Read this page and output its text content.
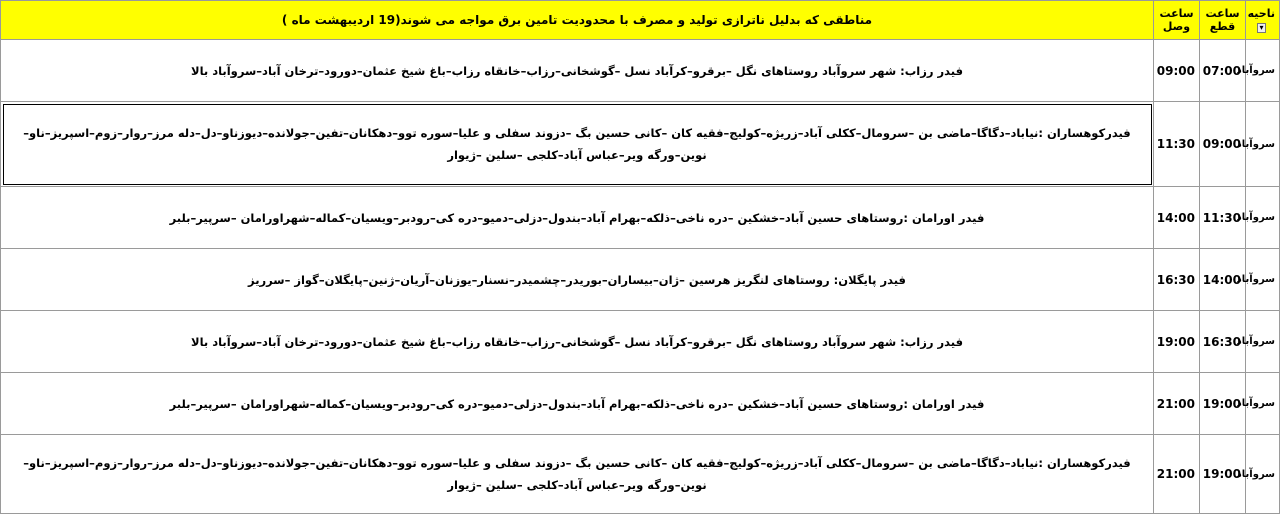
ناحیه ▾	ساعت قطع	ساعت وصل	مناطقی که بدلیل ناترازی تولید و مصرف با محدودیت تامین برق مواجه می شوند(19 اردیبهشت ماه )
سروآباد	07:00	09:00	فیدر رزاب: شهر سروآباد روستاهای نگل –برقرو–کرآباد نسل –گوشخانی–رزاب–خانقاه رزاب–باغ شیخ عثمان–دورود–ترخان آباد–سروآباد بالا
سروآباد	09:00	11:30	فیدرکوهساران :نیاباد–دگاگا–ماضی بن –سرومال–ککلی آباد–زریژه–کولیج–فقیه کان –کانی حسین بگ –دزوند سفلی و علیا–سوره توو–دهکانان–تفین–جولانده–دیوزناو–دل–دله مرز–روار–زوم–اسپریز–ناو–نوین–ورگه ویر–عباس آباد–کلجی –سلین –ژیوار
سروآباد	11:30	14:00	فیدر اورامان :روستاهای حسین آباد–خشکین –دره ناخی–ذلکه–بهرام آباد–بندول–دزلی–دمیو–دره کی–رودبر–ویسیان–کماله–شهراورامان –سرپیر–بلبر
سروآباد	14:00	16:30	فیدر پایگلان: روستاهای لنگریز هرسین –ژان–بیساران–بوریدر–چشمیدر–نسنار–یوزنان–آریان–ژنین–پایگلان–گواز –سرریز
سروآباد	16:30	19:00	فیدر رزاب: شهر سروآباد روستاهای نگل –برقرو–کرآباد نسل –گوشخانی–رزاب–خانقاه رزاب–باغ شیخ عثمان–دورود–ترخان آباد–سروآباد بالا
سروآباد	19:00	21:00	فیدر اورامان :روستاهای حسین آباد–خشکین –دره ناخی–ذلکه–بهرام آباد–بندول–دزلی–دمیو–دره کی–رودبر–ویسیان–کماله–شهراورامان –سرپیر–بلبر
سروآباد	19:00	21:00	فیدرکوهساران :نیاباد–دگاگا–ماضی بن –سرومال–ککلی آباد–زریژه–کولیج–فقیه کان –کانی حسین بگ –دزوند سفلی و علیا–سوره توو–دهکانان–تفین–جولانده–دیوزناو–دل–دله مرز–روار–زوم–اسپریز–ناو–نوین–ورگه ویر–عباس آباد–کلجی –سلین –ژیوار
